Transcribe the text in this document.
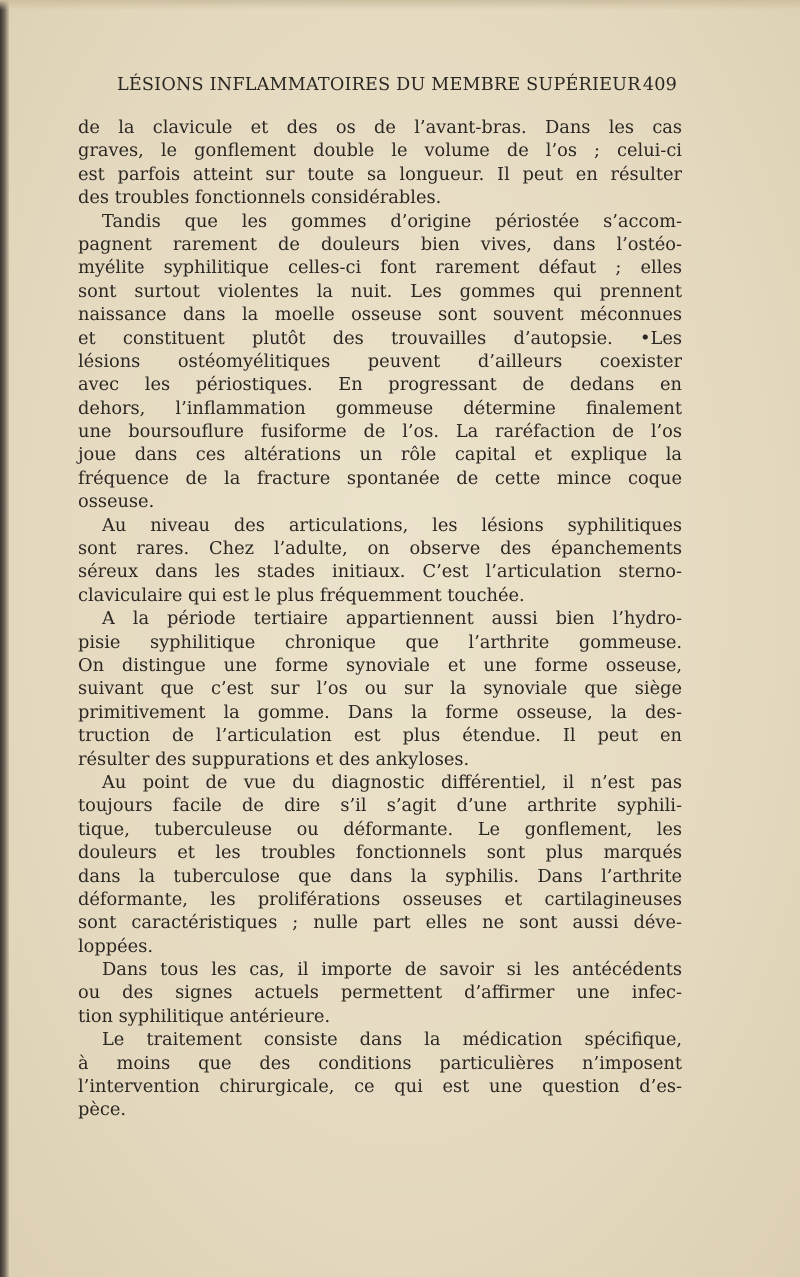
LÉSIONS INFLAMMATOIRES DU MEMBRE SUPÉRIEUR 409
de la clavicule et des os de l’avant-bras. Dans les cas
graves, le gonflement double le volume de l’os ; celui-ci
est parfois atteint sur toute sa longueur. Il peut en résulter
des troubles fonctionnels considérables.
Tandis que les gommes d’origine périostée s’accom-
pagnent rarement de douleurs bien vives, dans l’ostéo-
myélite syphilitique celles-ci font rarement défaut ; elles
sont surtout violentes la nuit. Les gommes qui prennent
naissance dans la moelle osseuse sont souvent méconnues
et constituent plutôt des trouvailles d’autopsie. •Les
lésions ostéomyélitiques peuvent d’ailleurs coexister
avec les périostiques. En progressant de dedans en
dehors, l’inflammation gommeuse détermine finalement
une boursouflure fusiforme de l’os. La raréfaction de l’os
joue dans ces altérations un rôle capital et explique la
fréquence de la fracture spontanée de cette mince coque
osseuse.
Au niveau des articulations, les lésions syphilitiques
sont rares. Chez l’adulte, on observe des épanchements
séreux dans les stades initiaux. C’est l’articulation sterno-
claviculaire qui est le plus fréquemment touchée.
A la période tertiaire appartiennent aussi bien l’hydro-
pisie syphilitique chronique que l’arthrite gommeuse.
On distingue une forme synoviale et une forme osseuse,
suivant que c’est sur l’os ou sur la synoviale que siège
primitivement la gomme. Dans la forme osseuse, la des-
truction de l’articulation est plus étendue. Il peut en
résulter des suppurations et des ankyloses.
Au point de vue du diagnostic différentiel, il n’est pas
toujours facile de dire s’il s’agit d’une arthrite syphili-
tique, tuberculeuse ou déformante. Le gonflement, les
douleurs et les troubles fonctionnels sont plus marqués
dans la tuberculose que dans la syphilis. Dans l’arthrite
déformante, les proliférations osseuses et cartilagineuses
sont caractéristiques ; nulle part elles ne sont aussi déve-
loppées.
Dans tous les cas, il importe de savoir si les antécédents
ou des signes actuels permettent d’affirmer une infec-
tion syphilitique antérieure.
Le traitement consiste dans la médication spécifique,
à moins que des conditions particulières n’imposent
l’intervention chirurgicale, ce qui est une question d’es-
pèce.
